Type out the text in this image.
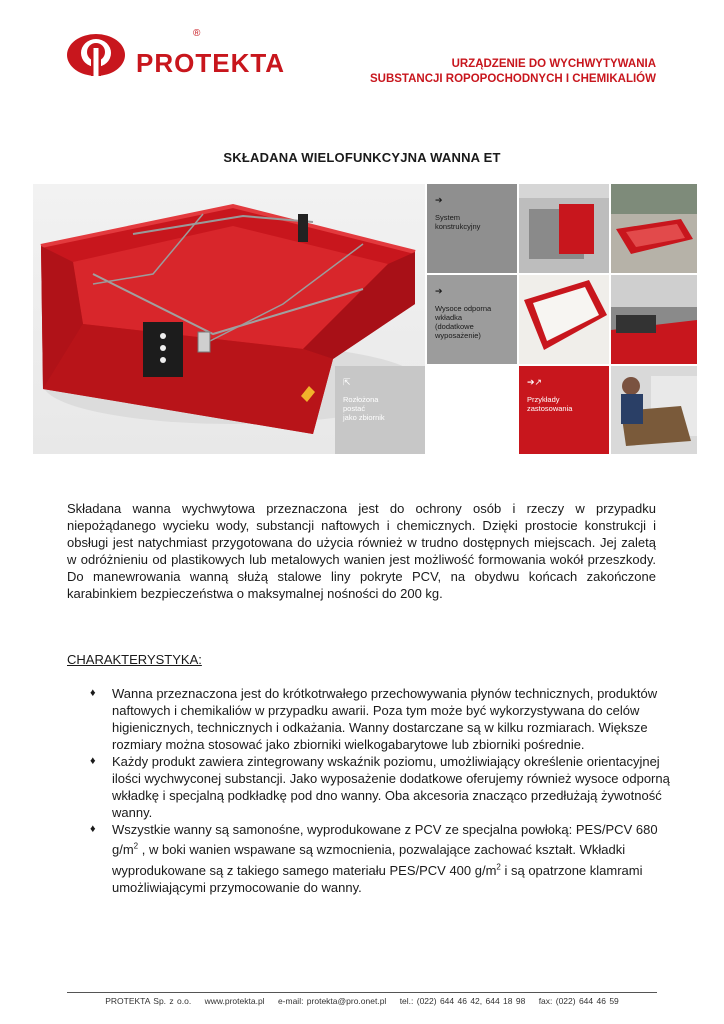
PROTEKTA
®
URZĄDZENIE DO WYCHWYTYWANIA
SUBSTANCJI ROPOPOCHODNYCH I CHEMIKALIÓW
SKŁADANA WIELOFUNKCYJNA WANNA ET
➔
System
konstrukcyjny
➔
Wysoce odporna
wkładka
(dodatkowe
wyposażenie)
⇱
Rozłożona
postać
jako zbiornik
➔↗
Przykłady
zastosowania

Składana wanna wychwytowa przeznaczona jest do ochrony osób i rzeczy w przypadku niepożądanego wycieku wody, substancji naftowych i chemicznych. Dzięki prostocie konstrukcji i obsługi jest natychmiast przygotowana do użycia również w trudno dostępnych miejscach. Jej zaletą w odróżnieniu od plastikowych lub metalowych wanien jest możliwość formowania wokół przeszkody. Do manewrowania wanną służą stalowe liny pokryte PCV, na obydwu końcach zakończone karabinkiem bezpieczeństwa o maksymalnej nośności do 200 kg.

CHARAKTERYSTYKA:
♦ Wanna przeznaczona jest do krótkotrwałego przechowywania płynów technicznych, produktów naftowych i chemikaliów w przypadku awarii. Poza tym może być wykorzystywana do celów higienicznych, technicznych i odkażania. Wanny dostarczane są w kilku rozmiarach. Większe rozmiary można stosować jako zbiorniki wielkogabarytowe lub zbiorniki pośrednie.
♦ Każdy produkt zawiera zintegrowany wskaźnik poziomu, umożliwiający określenie orientacyjnej ilości wychwyconej substancji. Jako wyposażenie dodatkowe oferujemy również wysoce odporną wkładkę i specjalną podkładkę pod dno wanny. Oba akcesoria znacząco przedłużają żywotność wanny.
♦ Wszystkie wanny są samonośne, wyprodukowane z PCV ze specjalna powłoką: PES/PCV 680 $g/m^2$ , w boki wanien wspawane są wzmocnienia, pozwalające zachować kształt. Wkładki wyprodukowane są z takiego samego materiału PES/PCV 400 $g/m^2$ i są opatrzone klamrami umożliwiającymi przymocowanie do wanny.
PROTEKTA Sp. z o.o. www.protekta.pl e-mail: protekta@pro.onet.pl tel.: (022) 644 46 42, 644 18 98 fax: (022) 644 46 59
